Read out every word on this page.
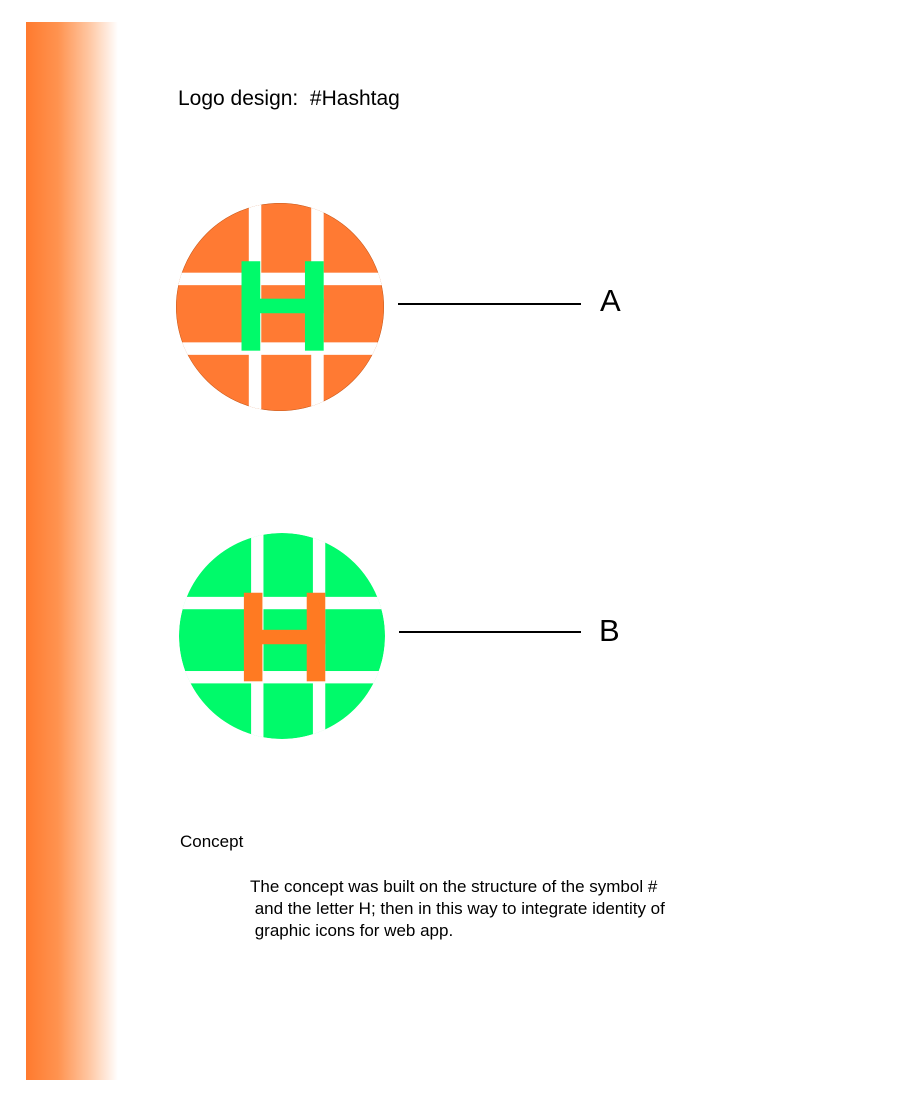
Logo design:  #Hashtag
A
B
Concept
The concept was built on the structure of the symbol #
and the letter H; then in this way to integrate identity of
graphic icons for web app.
